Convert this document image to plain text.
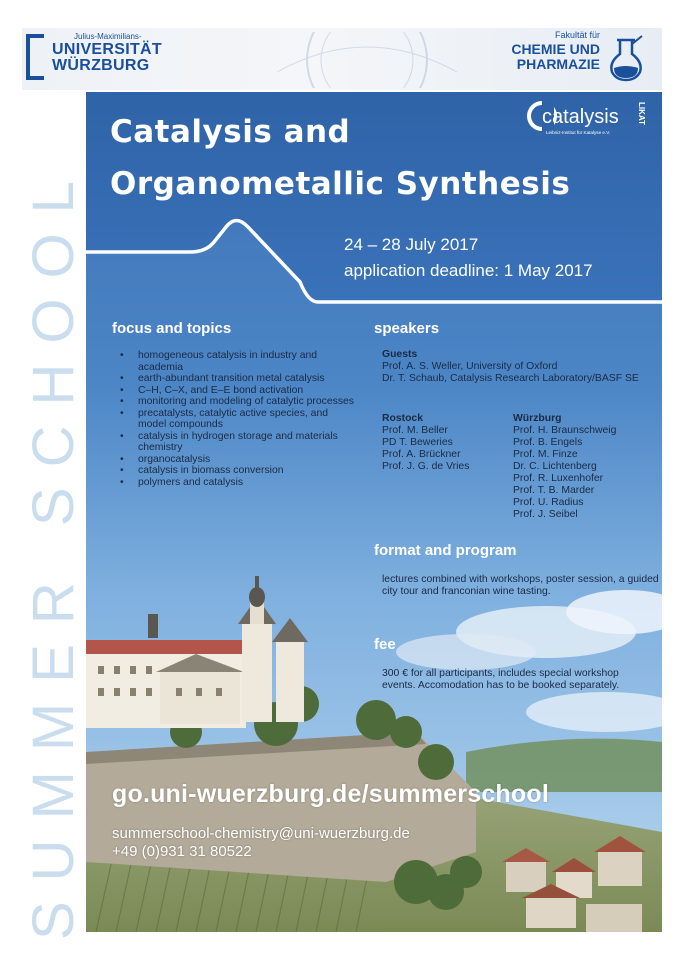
Julius-Maximilians-
UNIVERSITÄT
WÜRZBURG
Fakultät für
CHEMIE UND
PHARMAZIE
SUMMER SCHOOL
catalysis LIKAT
Leibniz-Institut für Katalyse e.V.
Catalysis and
Organometallic Synthesis
24 – 28 July 2017
application deadline: 1 May 2017
focus and topics
• homogeneous catalysis in industry and academia
• earth-abundant transition metal catalysis
• C–H, C–X, and E–E bond activation
• monitoring and modeling of catalytic processes
• precatalysts, catalytic active species, and model compounds
• catalysis in hydrogen storage and materials chemistry
• organocatalysis
• catalysis in biomass conversion
• polymers and catalysis
speakers
Guests
Prof. A. S. Weller, University of Oxford
Dr. T. Schaub, Catalysis Research Laboratory/BASF SE
Rostock
Prof. M. Beller
PD T. Beweries
Prof. A. Brückner
Prof. J. G. de Vries
Würzburg
Prof. H. Braunschweig
Prof. B. Engels
Prof. M. Finze
Dr. C. Lichtenberg
Prof. R. Luxenhofer
Prof. T. B. Marder
Prof. U. Radius
Prof. J. Seibel
format and program
lectures combined with workshops, poster session, a guided city tour and franconian wine tasting.
fee
300 € for all participants, includes special workshop events. Accomodation has to be booked separately.
go.uni-wuerzburg.de/summerschool
summerschool-chemistry@uni-wuerzburg.de
+49 (0)931 31 80522
